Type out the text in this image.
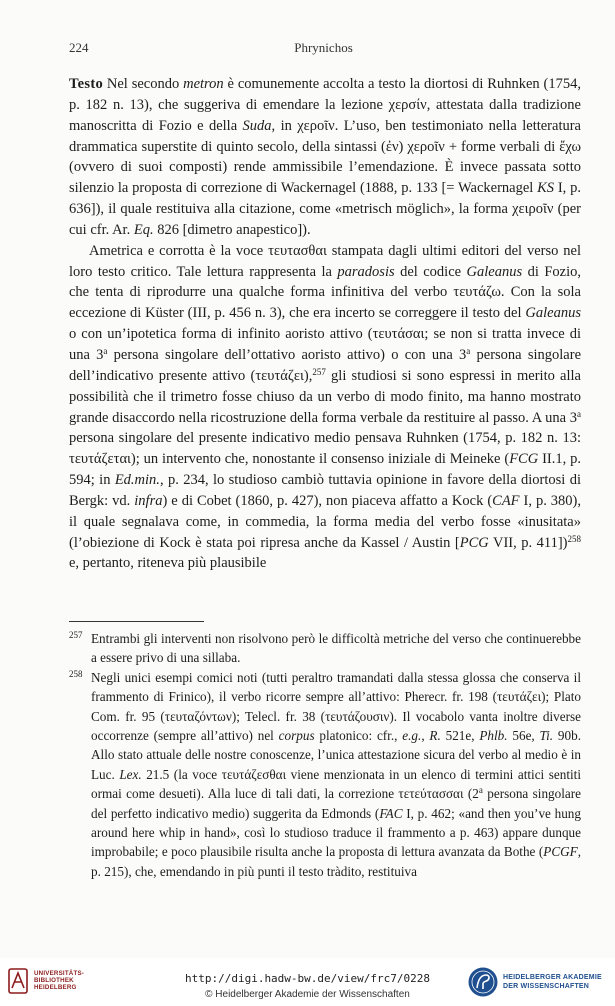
224	Phrynichos

Testo Nel secondo metron è comunemente accolta a testo la diortosi di Ruhnken (1754, p. 182 n. 13), che suggeriva di emendare la lezione χερσίν, attestata dalla tradizione manoscritta di Fozio e della Suda, in χεροῖν. L’uso, ben testimoniato nella letteratura drammatica superstite di quinto secolo, della sintassi (ἐν) χεροῖν + forme verbali di ἔχω (ovvero di suoi composti) rende ammissibile l’emendazione. È invece passata sotto silenzio la proposta di correzione di Wackernagel (1888, p. 133 [= Wackernagel KS I, p. 636]), il quale restituiva alla citazione, come «metrisch möglich», la forma χειροῖν (per cui cfr. Ar. Eq. 826 [dimetro anapestico]).

Ametrica e corrotta è la voce τευτασθαι stampata dagli ultimi editori del verso nel loro testo critico. Tale lettura rappresenta la paradosis del codice Galeanus di Fozio, che tenta di riprodurre una qualche forma infinitiva del verbo τευτάζω. Con la sola eccezione di Küster (III, p. 456 n. 3), che era incerto se correggere il testo del Galeanus o con un’ipotetica forma di infinito aoristo attivo (τευτάσαι; se non si tratta invece di una 3$^a$ persona singolare dell’ottativo aoristo attivo) o con una 3$^a$ persona singolare dell’indicativo presente attivo (τευτάζει),$^{257}$ gli studiosi si sono espressi in merito alla possibilità che il trimetro fosse chiuso da un verbo di modo finito, ma hanno mostrato grande disaccordo nella ricostruzione della forma verbale da restituire al passo. A una 3$^a$ persona singolare del presente indicativo medio pensava Ruhnken (1754, p. 182 n. 13: τευτάζεται); un intervento che, nonostante il consenso iniziale di Meineke (FCG II.1, p. 594; in Ed.min., p. 234, lo studioso cambiò tuttavia opinione in favore della diortosi di Bergk: vd. infra) e di Cobet (1860, p. 427), non piaceva affatto a Kock (CAF I, p. 380), il quale segnalava come, in commedia, la forma media del verbo fosse «inusitata» (l’obiezione di Kock è stata poi ripresa anche da Kassel / Austin [PCG VII, p. 411])$^{258}$ e, pertanto, riteneva più plausibile

257 Entrambi gli interventi non risolvono però le difficoltà metriche del verso che continuerebbe a essere privo di una sillaba.

258 Negli unici esempi comici noti (tutti peraltro tramandati dalla stessa glossa che conserva il frammento di Frinico), il verbo ricorre sempre all’attivo: Pherecr. fr. 198 (τευτάζει); Plato Com. fr. 95 (τευταζόντων); Telecl. fr. 38 (τευτάζουσιν). Il vocabolo vanta inoltre diverse occorrenze (sempre all’attivo) nel corpus platonico: cfr., e.g., R. 521e, Phlb. 56e, Ti. 90b. Allo stato attuale delle nostre conoscenze, l’unica attestazione sicura del verbo al medio è in Luc. Lex. 21.5 (la voce τευτάζεσθαι viene menzionata in un elenco di termini attici sentiti ormai come desueti). Alla luce di tali dati, la correzione τετεύτασσαι (2$^a$ persona singolare del perfetto indicativo medio) suggerita da Edmonds (FAC I, p. 462; «and then you’ve hung around here whip in hand», così lo studioso traduce il frammento a p. 463) appare dunque improbabile; e poco plausibile risulta anche la proposta di lettura avanzata da Bothe (PCGF, p. 215), che, emendando in più punti il testo tràdito, restituiva

UNIVERSITÄTS-
BIBLIOTHEK
HEIDELBERG
http://digi.hadw-bw.de/view/frc7/0228
© Heidelberger Akademie der Wissenschaften
HEIDELBERGER AKADEMIE
DER WISSENSCHAFTEN
